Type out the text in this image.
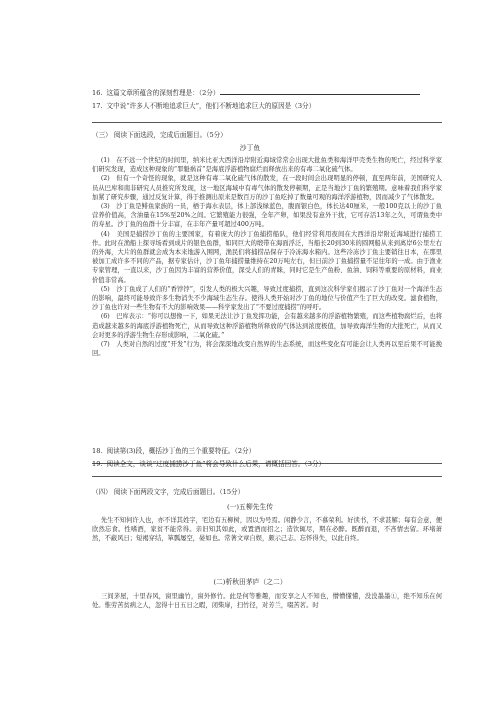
16. 这篇文章所蕴含的深刻哲理是：（2分）
17. 文中说“许多人不断地追求巨大”，他们不断地追求巨大的原因是（3分）
（三） 阅读下面选段，完成后面题目。（5分）
沙丁鱼

(1)　在不远一个世纪的时间里，纳米比亚大西洋沿岸附近海域常常会出现大批鱼类和海洋甲壳类生物的死亡，经过科学家们研究发现，造成这种现象的“罪魁祸首”是海底浮游植物腐烂而释放出来的有毒二氧化硫气体。

(2)　但有一个奇怪的现象，就是这种有毒二氧化硫气体的散发，在一段时间会出现明显的停顿，直至两年前，美国研究人员从巴库和南非研究人员推究所发现，这一地区海域中有毒气体的散发停顿期，正是当地沙丁鱼的繁殖期。意味着我们科学家加紧了研究步骤，通过反复计算，得于推测出原来是数百万的沙丁鱼吃掉了数量可观的海洋浮游植物，因而减少了气体散发。

(3)　沙丁鱼是鲱鱼家族的一员，栖于海水表层，体上部浅绿蓝色，腹面银白色，体长达40厘米，一般100克以上的沙丁鱼营养价值高，含油量在15%至20%之间。它繁殖能力很强，全年产卵，如果没有意外干扰，它可存活13年之久，可谓鱼类中的寿星。沙丁鱼的鱼群十分丰富，在丰年产量可超过400万吨。

(4)　美国是捕捞沙丁鱼的主要国家，有着庞大的沙丁鱼捕捞船队，他们经常利用夜间在大西洋沿岸附近海域进行捕捞工作。此时在渔船上探寻场看到成片的银色鱼群，如同巨大的缎带在海面浮泛，当船长20到30米的圆网船从来到离岸6公里左右的外海，大片的鱼群就会成为本来地游入围网，渔民们将捕捞品保存于冷冻海水箱内。这些冷冻沙丁鱼主要销往日本，在那里被加工成许多不同的产品，据专家估计，沙丁鱼年捕捞量维持在20万吨左右，但日前沙丁鱼捕捞量不足往年的一成。由于渔业专家管理，一直以来，沙丁鱼因为丰富的营养价值，深受人们的青睐，同时它是生产鱼粉、鱼油、饲料等重要的原材料，商业价值非常高。

(5)　沙丁鱼成了人们的“香饽饽”，引发人类的极大兴趣，导致过度捕捞，直到这次科学家们揭示了沙丁鱼对一个海洋生态的影响，最终可能导致许多生物消失不少海域生态生存。使得人类开始对沙丁鱼的地位与价值产生了巨大的改变。滤食植物，沙丁鱼也许对一些生物有不大的影响效果——科学家发出了“不要过度捕捞”的呼吁。

(6)　巴库表示：“你可以想像一下，如果无法让沙丁鱼发挥功能，会有越来越多的浮游植物繁殖，而这些植物腐烂后，也将造成越来越多的海底浮游植物死亡，从而导致这种浮游植物所释放的气体达到浓度极值，加导致海洋生物的大批死亡，从而又会对更多的浮游生物生存形成影响，二氧化硫。”

(7)　人类对自然的过度“开发”行为，将会深深地改变自然界的生态系统，而这些变化有可能会让人类再以至后果不可能挽回。

18. 阅读第(3)段，概括沙丁鱼的三个重要特征。（2分）
19. 阅读全文，谈谈“过度捕捞沙丁鱼”将会导致什么后果，请概括回答。（3分）
（四） 阅读下面两段文字，完成后面题目。（15分）
(一)五柳先生传

先生不知何许人也，亦不详其姓字，宅边有五柳树，因以为号焉。闲静少言，不慕荣利。好读书，不求甚解；每有会意，便欣然忘食。性嗜酒，家贫不能常得。亲旧知其如此，或置酒而招之；造饮辄尽，期在必醉。既醉而退，不吝情去留。环堵萧然，不蔽风日；短褐穿结，箪瓢屡空，晏如也。常著文章自娱，颇示己志。忘怀得失，以此自终。

(二)析秋田茅庐（之二）

三间茅屋，十里春风，窗里幽竹，窗外修竹。此是何等雅趣，而安享之人不知也，懵懵懂懂，没没墨墨①，绝不知乐在何处。惟劳苦贫病之人，忽得十日五日之暇，闭柴扉，扫竹径，对芳兰，啜苦茗。时
